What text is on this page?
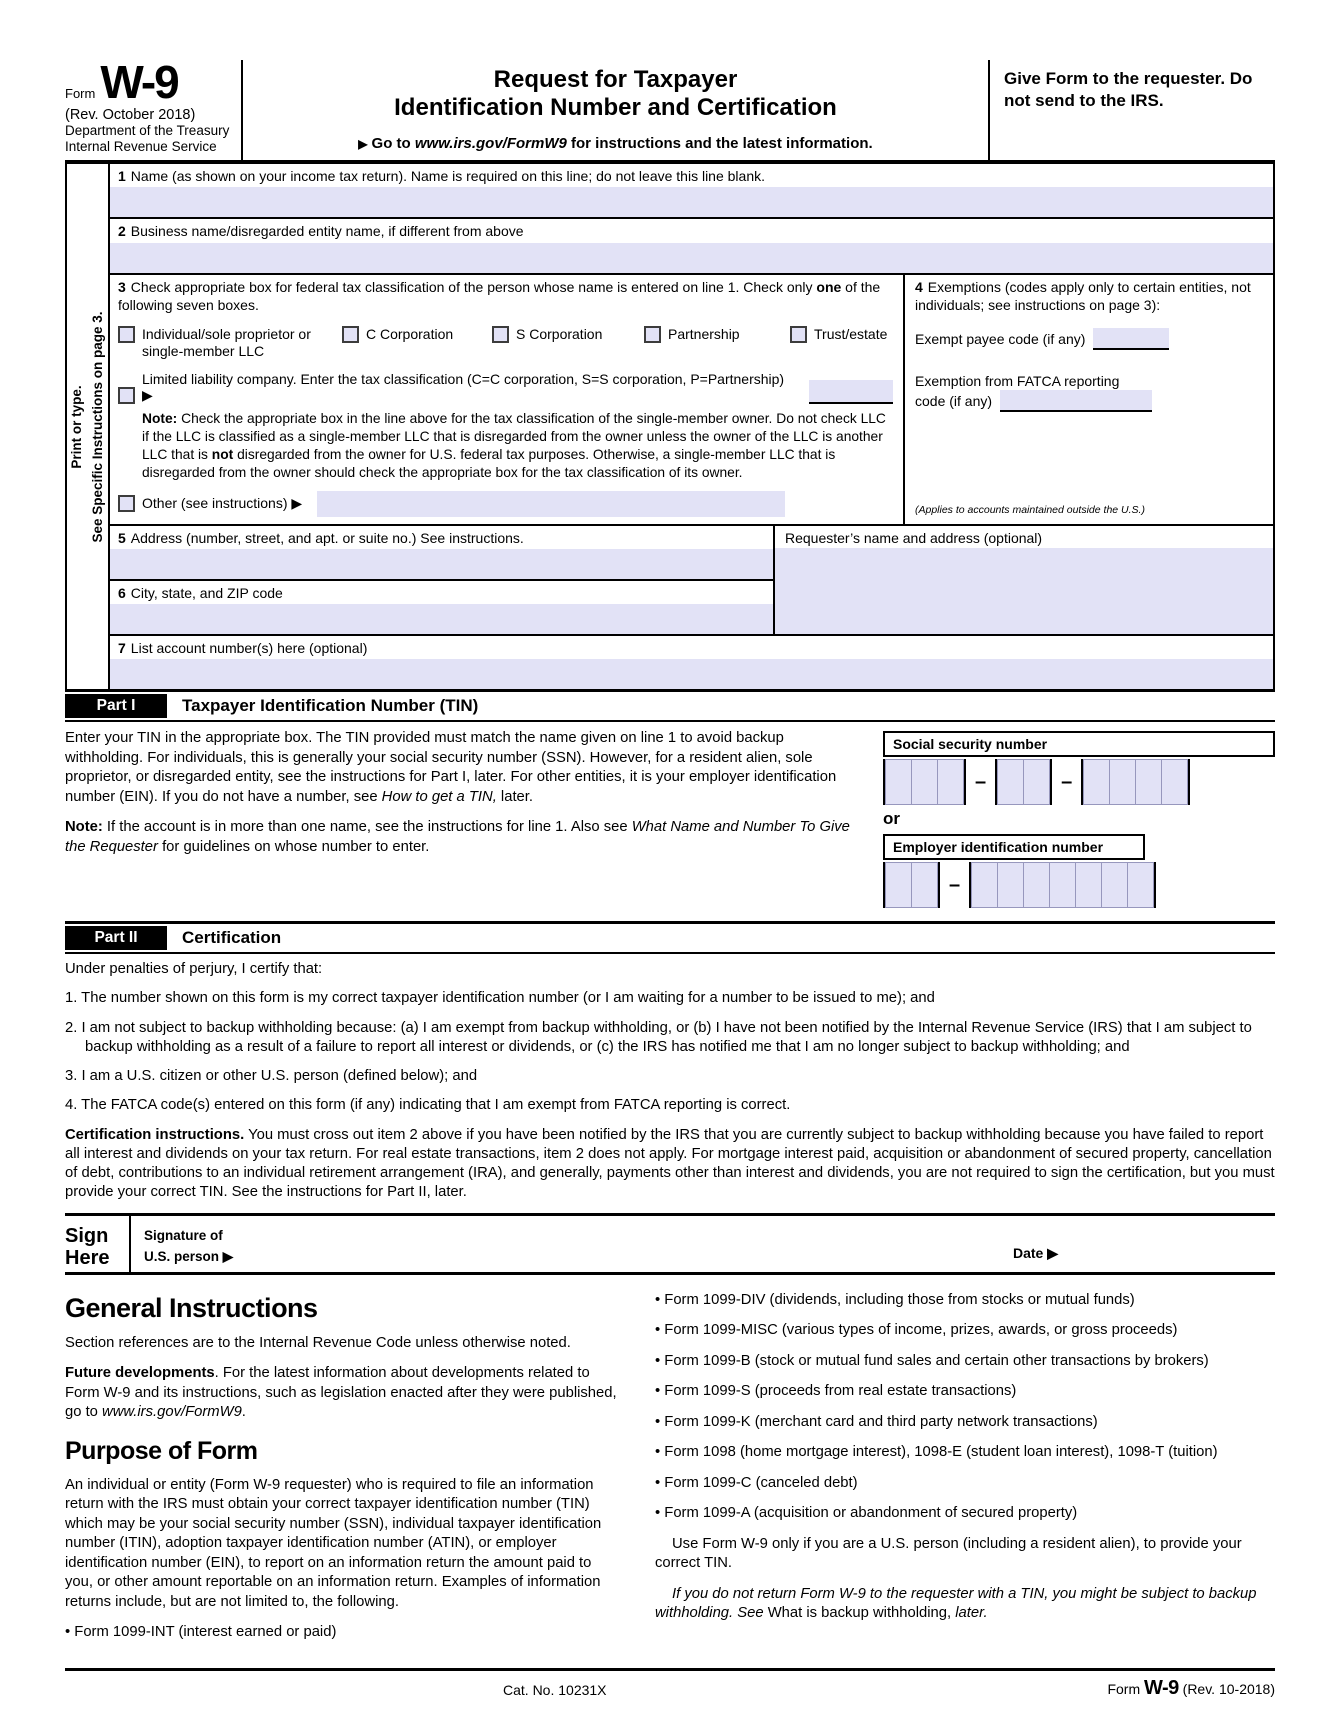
Form W-9
(Rev. October 2018)
Department of the Treasury
Internal Revenue Service
Request for Taxpayer
Identification Number and Certification
▶ Go to www.irs.gov/FormW9 for instructions and the latest information.
Give Form to the requester. Do not send to the IRS.
Print or type. See Specific Instructions on page 3.
1 Name (as shown on your income tax return). Name is required on this line; do not leave this line blank.
2 Business name/disregarded entity name, if different from above
3 Check appropriate box for federal tax classification of the person whose name is entered on line 1. Check only one of the following seven boxes.
Individual/sole proprietor or single-member LLC
C Corporation	S Corporation	Partnership	Trust/estate
Limited liability company. Enter the tax classification (C=C corporation, S=S corporation, P=Partnership) ▶

Note: Check the appropriate box in the line above for the tax classification of the single-member owner. Do not check LLC if the LLC is classified as a single-member LLC that is disregarded from the owner unless the owner of the LLC is another LLC that is not disregarded from the owner for U.S. federal tax purposes. Otherwise, a single-member LLC that is disregarded from the owner should check the appropriate box for the tax classification of its owner.

Other (see instructions) ▶
4 Exemptions (codes apply only to certain entities, not individuals; see instructions on page 3):
Exempt payee code (if any)
Exemption from FATCA reporting
code (if any)
(Applies to accounts maintained outside the U.S.)
5 Address (number, street, and apt. or suite no.) See instructions.
6 City, state, and ZIP code
Requester’s name and address (optional)
7 List account number(s) here (optional)
Part I	Taxpayer Identification Number (TIN)

Enter your TIN in the appropriate box. The TIN provided must match the name given on line 1 to avoid backup withholding. For individuals, this is generally your social security number (SSN). However, for a resident alien, sole proprietor, or disregarded entity, see the instructions for Part I, later. For other entities, it is your employer identification number (EIN). If you do not have a number, see How to get a TIN, later.

Note: If the account is in more than one name, see the instructions for line 1. Also see What Name and Number To Give the Requester for guidelines on whose number to enter.

Social security number
–	–
or
Employer identification number
–
Part II	Certification
Under penalties of perjury, I certify that:
1. The number shown on this form is my correct taxpayer identification number (or I am waiting for a number to be issued to me); and
2. I am not subject to backup withholding because: (a) I am exempt from backup withholding, or (b) I have not been notified by the Internal Revenue Service (IRS) that I am subject to backup withholding as a result of a failure to report all interest or dividends, or (c) the IRS has notified me that I am no longer subject to backup withholding; and
3. I am a U.S. citizen or other U.S. person (defined below); and
4. The FATCA code(s) entered on this form (if any) indicating that I am exempt from FATCA reporting is correct.

Certification instructions. You must cross out item 2 above if you have been notified by the IRS that you are currently subject to backup withholding because you have failed to report all interest and dividends on your tax return. For real estate transactions, item 2 does not apply. For mortgage interest paid, acquisition or abandonment of secured property, cancellation of debt, contributions to an individual retirement arrangement (IRA), and generally, payments other than interest and dividends, you are not required to sign the certification, but you must provide your correct TIN. See the instructions for Part II, later.

Sign
Here
Signature of
U.S. person ▶	Date ▶
General Instructions

Section references are to the Internal Revenue Code unless otherwise noted.

Future developments. For the latest information about developments related to Form W-9 and its instructions, such as legislation enacted after they were published, go to www.irs.gov/FormW9.

Purpose of Form

An individual or entity (Form W-9 requester) who is required to file an information return with the IRS must obtain your correct taxpayer identification number (TIN) which may be your social security number (SSN), individual taxpayer identification number (ITIN), adoption taxpayer identification number (ATIN), or employer identification number (EIN), to report on an information return the amount paid to you, or other amount reportable on an information return. Examples of information returns include, but are not limited to, the following.

• Form 1099-INT (interest earned or paid)

• Form 1099-DIV (dividends, including those from stocks or mutual funds)

• Form 1099-MISC (various types of income, prizes, awards, or gross proceeds)

• Form 1099-B (stock or mutual fund sales and certain other transactions by brokers)

• Form 1099-S (proceeds from real estate transactions)

• Form 1099-K (merchant card and third party network transactions)

• Form 1098 (home mortgage interest), 1098-E (student loan interest), 1098-T (tuition)

• Form 1099-C (canceled debt)

• Form 1099-A (acquisition or abandonment of secured property)

Use Form W-9 only if you are a U.S. person (including a resident alien), to provide your correct TIN.

If you do not return Form W-9 to the requester with a TIN, you might be subject to backup withholding. See What is backup withholding, later.

Cat. No. 10231X	Form W-9 (Rev. 10-2018)
